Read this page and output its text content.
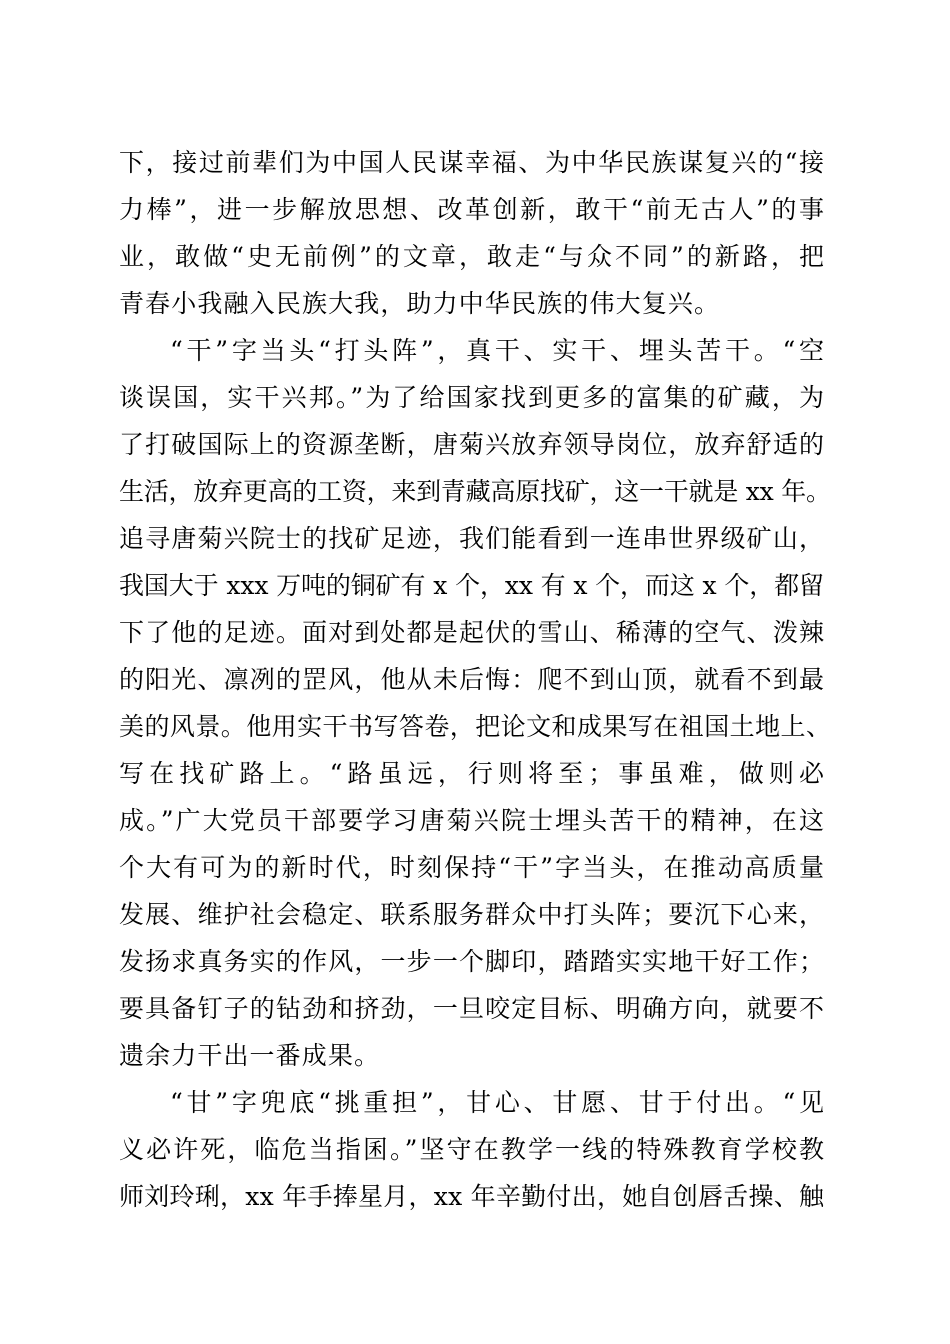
下，接过前辈们为中国人民谋幸福、为中华民族谋复兴的“接
力棒”，进一步解放思想、改革创新，敢干“前无古人”的事
业，敢做“史无前例”的文章，敢走“与众不同”的新路，把
青春小我融入民族大我，助力中华民族的伟大复兴。
“干”字当头“打头阵”，真干、实干、埋头苦干。“空
谈误国，实干兴邦。”为了给国家找到更多的富集的矿藏，为
了打破国际上的资源垄断，唐菊兴放弃领导岗位，放弃舒适的
生活，放弃更高的工资，来到青藏高原找矿，这一干就是 xx 年。
追寻唐菊兴院士的找矿足迹，我们能看到一连串世界级矿山，
我国大于 xxx 万吨的铜矿有 x 个，xx 有 x 个，而这 x 个，都留
下了他的足迹。面对到处都是起伏的雪山、稀薄的空气、泼辣
的阳光、凛冽的罡风，他从未后悔：爬不到山顶，就看不到最
美的风景。他用实干书写答卷，把论文和成果写在祖国土地上、
写在找矿路上。“路虽远，行则将至；事虽难，做则必
成。”广大党员干部要学习唐菊兴院士埋头苦干的精神，在这
个大有可为的新时代，时刻保持“干”字当头，在推动高质量
发展、维护社会稳定、联系服务群众中打头阵；要沉下心来，
发扬求真务实的作风，一步一个脚印，踏踏实实地干好工作；
要具备钉子的钻劲和挤劲，一旦咬定目标、明确方向，就要不
遗余力干出一番成果。
“甘”字兜底“挑重担”，甘心、甘愿、甘于付出。“见
义必许死，临危当指囷。”坚守在教学一线的特殊教育学校教
师刘玲琍，xx 年手捧星月，xx 年辛勤付出，她自创唇舌操、触
